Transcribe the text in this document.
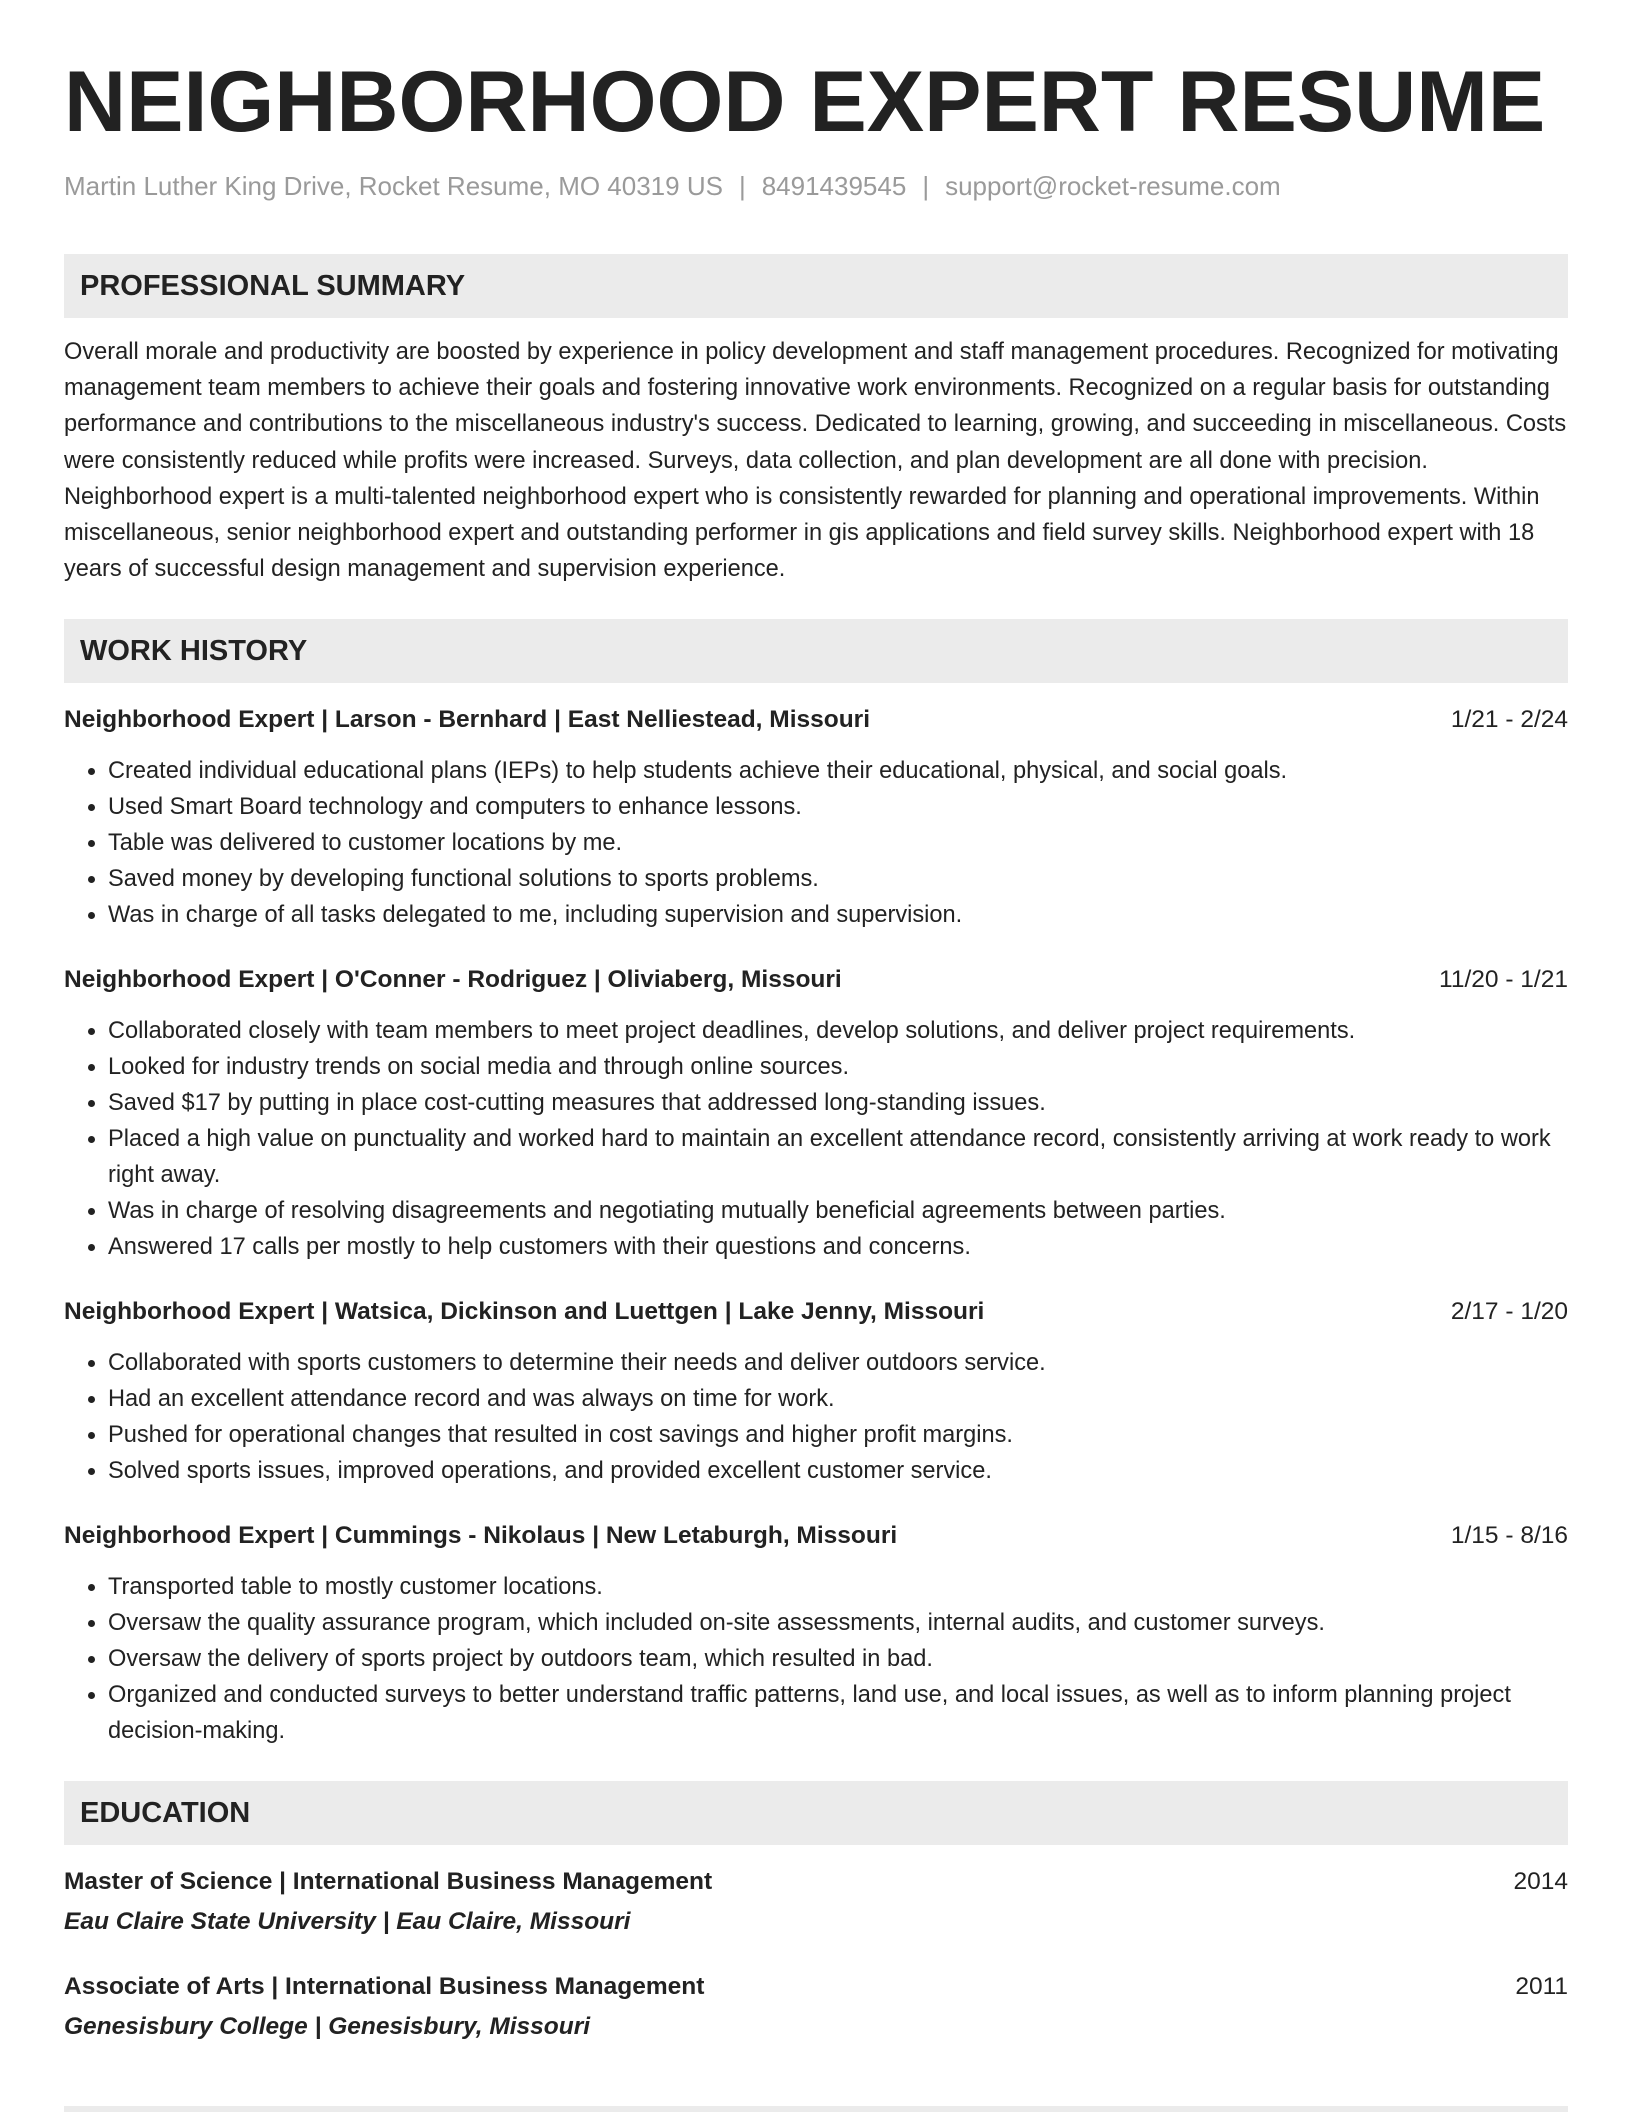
NEIGHBORHOOD EXPERT RESUME
Martin Luther King Drive, Rocket Resume, MO 40319 US | 8491439545 | support@rocket-resume.com
PROFESSIONAL SUMMARY
Overall morale and productivity are boosted by experience in policy development and staff management procedures. Recognized for motivating management team members to achieve their goals and fostering innovative work environments. Recognized on a regular basis for outstanding performance and contributions to the miscellaneous industry's success. Dedicated to learning, growing, and succeeding in miscellaneous. Costs were consistently reduced while profits were increased. Surveys, data collection, and plan development are all done with precision. Neighborhood expert is a multi-talented neighborhood expert who is consistently rewarded for planning and operational improvements. Within miscellaneous, senior neighborhood expert and outstanding performer in gis applications and field survey skills. Neighborhood expert with 18 years of successful design management and supervision experience.
WORK HISTORY
Neighborhood Expert | Larson - Bernhard | East Nelliestead, Missouri	1/21 - 2/24
• Created individual educational plans (IEPs) to help students achieve their educational, physical, and social goals.
• Used Smart Board technology and computers to enhance lessons.
• Table was delivered to customer locations by me.
• Saved money by developing functional solutions to sports problems.
• Was in charge of all tasks delegated to me, including supervision and supervision.
Neighborhood Expert | O'Conner - Rodriguez | Oliviaberg, Missouri	11/20 - 1/21
• Collaborated closely with team members to meet project deadlines, develop solutions, and deliver project requirements.
• Looked for industry trends on social media and through online sources.
• Saved $17 by putting in place cost-cutting measures that addressed long-standing issues.
• Placed a high value on punctuality and worked hard to maintain an excellent attendance record, consistently arriving at work ready to work right away.
• Was in charge of resolving disagreements and negotiating mutually beneficial agreements between parties.
• Answered 17 calls per mostly to help customers with their questions and concerns.
Neighborhood Expert | Watsica, Dickinson and Luettgen | Lake Jenny, Missouri	2/17 - 1/20
• Collaborated with sports customers to determine their needs and deliver outdoors service.
• Had an excellent attendance record and was always on time for work.
• Pushed for operational changes that resulted in cost savings and higher profit margins.
• Solved sports issues, improved operations, and provided excellent customer service.
Neighborhood Expert | Cummings - Nikolaus | New Letaburgh, Missouri	1/15 - 8/16
• Transported table to mostly customer locations.
• Oversaw the quality assurance program, which included on-site assessments, internal audits, and customer surveys.
• Oversaw the delivery of sports project by outdoors team, which resulted in bad.
• Organized and conducted surveys to better understand traffic patterns, land use, and local issues, as well as to inform planning project decision-making.
EDUCATION
Master of Science | International Business Management	2014
Eau Claire State University | Eau Claire, Missouri
Associate of Arts | International Business Management	2011
Genesisbury College | Genesisbury, Missouri
